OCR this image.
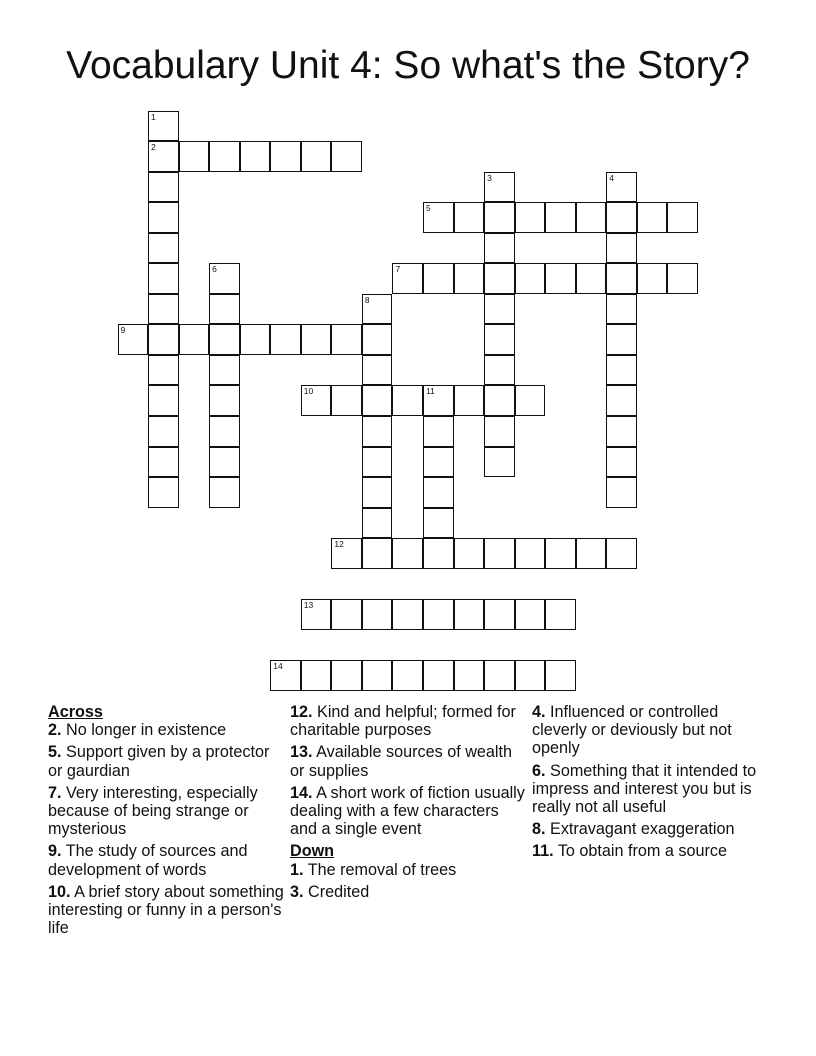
Vocabulary Unit 4: So what's the Story?
1
2
3	4
5
6	7
8
9
10	11
12
13
14
Across
2. No longer in existence
5. Support given by a protector or gaurdian
7. Very interesting, especially because of being strange or mysterious
9. The study of sources and development of words
10. A brief story about something interesting or funny in a person's life
12. Kind and helpful; formed for charitable purposes
13. Available sources of wealth or supplies
14. A short work of fiction usually dealing with a few characters and a single event
Down
1. The removal of trees
3. Credited
4. Influenced or controlled cleverly or deviously but not openly
6. Something that it intended to impress and interest you but is really not all useful
8. Extravagant exaggeration
11. To obtain from a source
